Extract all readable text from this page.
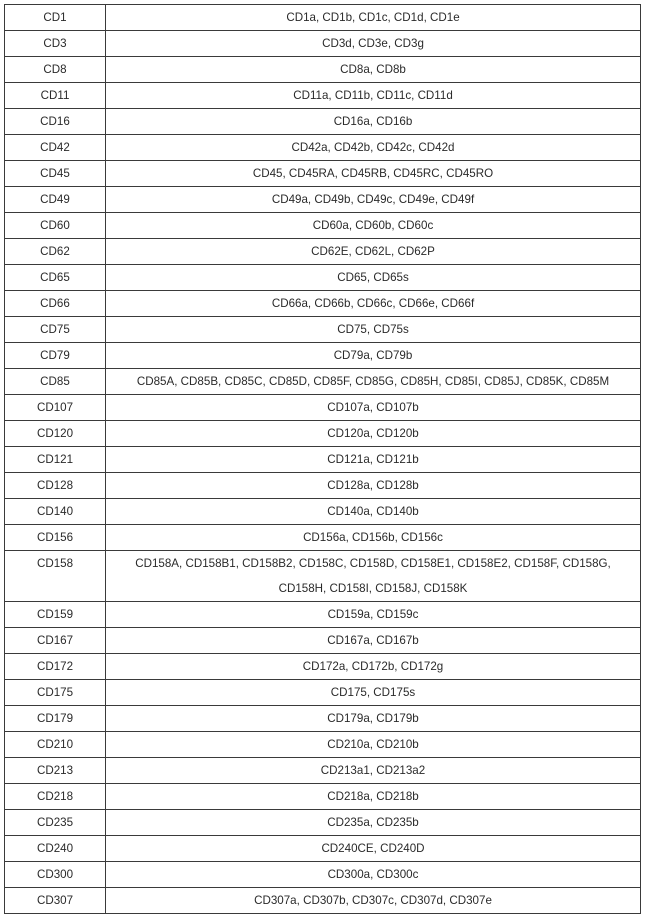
CD1	CD1a, CD1b, CD1c, CD1d, CD1e
CD3	CD3d, CD3e, CD3g
CD8	CD8a, CD8b
CD11	CD11a, CD11b, CD11c, CD11d
CD16	CD16a, CD16b
CD42	CD42a, CD42b, CD42c, CD42d
CD45	CD45, CD45RA, CD45RB, CD45RC, CD45RO
CD49	CD49a, CD49b, CD49c, CD49e, CD49f
CD60	CD60a, CD60b, CD60c
CD62	CD62E, CD62L, CD62P
CD65	CD65, CD65s
CD66	CD66a, CD66b, CD66c, CD66e, CD66f
CD75	CD75, CD75s
CD79	CD79a, CD79b
CD85	CD85A, CD85B, CD85C, CD85D, CD85F, CD85G, CD85H, CD85I, CD85J, CD85K, CD85M
CD107	CD107a, CD107b
CD120	CD120a, CD120b
CD121	CD121a, CD121b
CD128	CD128a, CD128b
CD140	CD140a, CD140b
CD156	CD156a, CD156b, CD156c
CD158	CD158A, CD158B1, CD158B2, CD158C, CD158D, CD158E1, CD158E2, CD158F, CD158G, CD158H, CD158I, CD158J, CD158K
CD159	CD159a, CD159c
CD167	CD167a, CD167b
CD172	CD172a, CD172b, CD172g
CD175	CD175, CD175s
CD179	CD179a, CD179b
CD210	CD210a, CD210b
CD213	CD213a1, CD213a2
CD218	CD218a, CD218b
CD235	CD235a, CD235b
CD240	CD240CE, CD240D
CD300	CD300a, CD300c
CD307	CD307a, CD307b, CD307c, CD307d, CD307e
